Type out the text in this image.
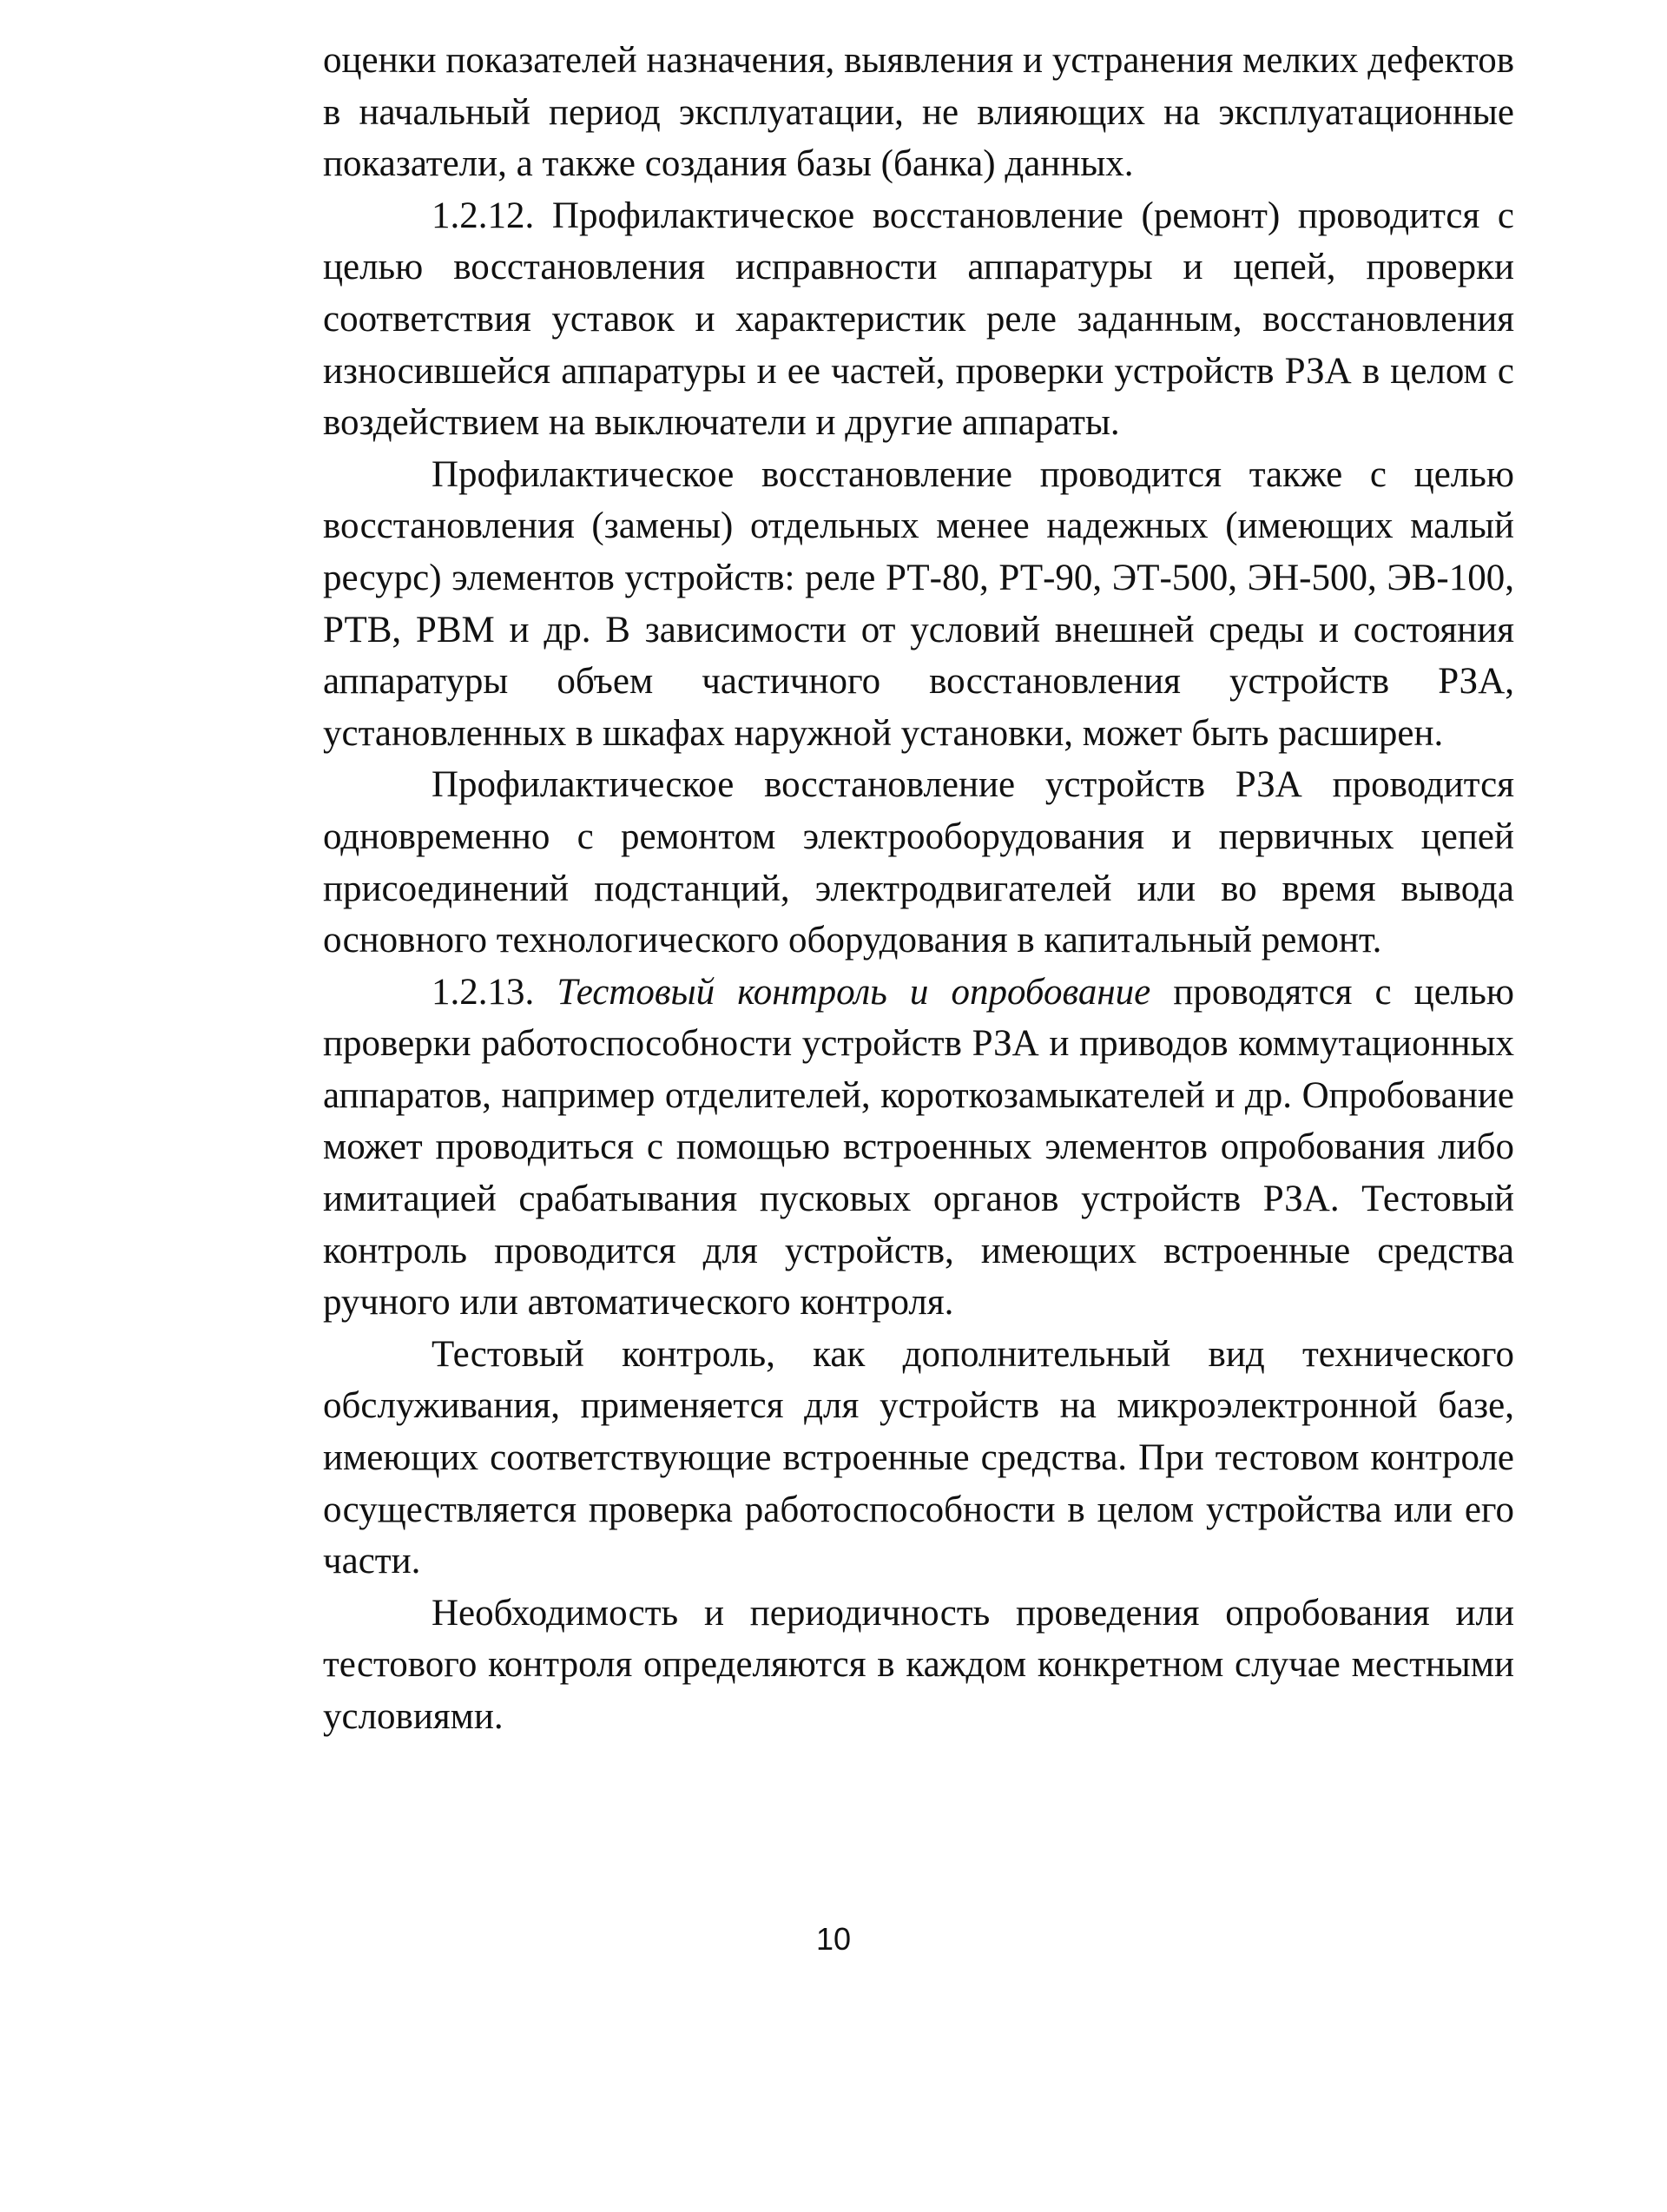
оценки показателей назначения, выявления и устранения мелких дефектов в начальный период эксплуатации, не влияющих на эксплуатационные показатели, а также создания базы (банка) данных.

1.2.12. Профилактическое восстановление (ремонт) проводится с целью восстановления исправности аппаратуры и цепей, проверки соответствия уставок и характеристик реле заданным, восстановления износившейся аппаратуры и ее частей, проверки устройств РЗА в целом с воздействием на выключатели и другие аппараты.

Профилактическое восстановление проводится также с целью восстановления (замены) отдельных менее надежных (имеющих малый ресурс) элементов устройств: реле РТ-80, РТ-90, ЭТ-500, ЭН-500, ЭВ-100, РТВ, РВМ и др. В зависимости от условий внешней среды и состояния аппаратуры объем частичного восстановления устройств РЗА, установленных в шкафах наружной установки, может быть расширен.

Профилактическое восстановление устройств РЗА проводится одновременно с ремонтом электрооборудования и первичных цепей присоединений подстанций, электродвигателей или во время вывода основного технологического оборудования в капитальный ремонт.

1.2.13. Тестовый контроль и опробование проводятся с целью проверки работоспособности устройств РЗА и приводов коммутационных аппаратов, например отделителей, короткозамыкателей и др. Опробование может проводиться с помощью встроенных элементов опробования либо имитацией срабатывания пусковых органов устройств РЗА. Тестовый контроль проводится для устройств, имеющих встроенные средства ручного или автоматического контроля.

Тестовый контроль, как дополнительный вид технического обслуживания, применяется для устройств на микроэлектронной базе, имеющих соответствующие встроенные средства. При тестовом контроле осуществляется проверка работоспособности в целом устройства или его части.

Необходимость и периодичность проведения опробования или тестового контроля определяются в каждом конкретном случае местными условиями.

10
